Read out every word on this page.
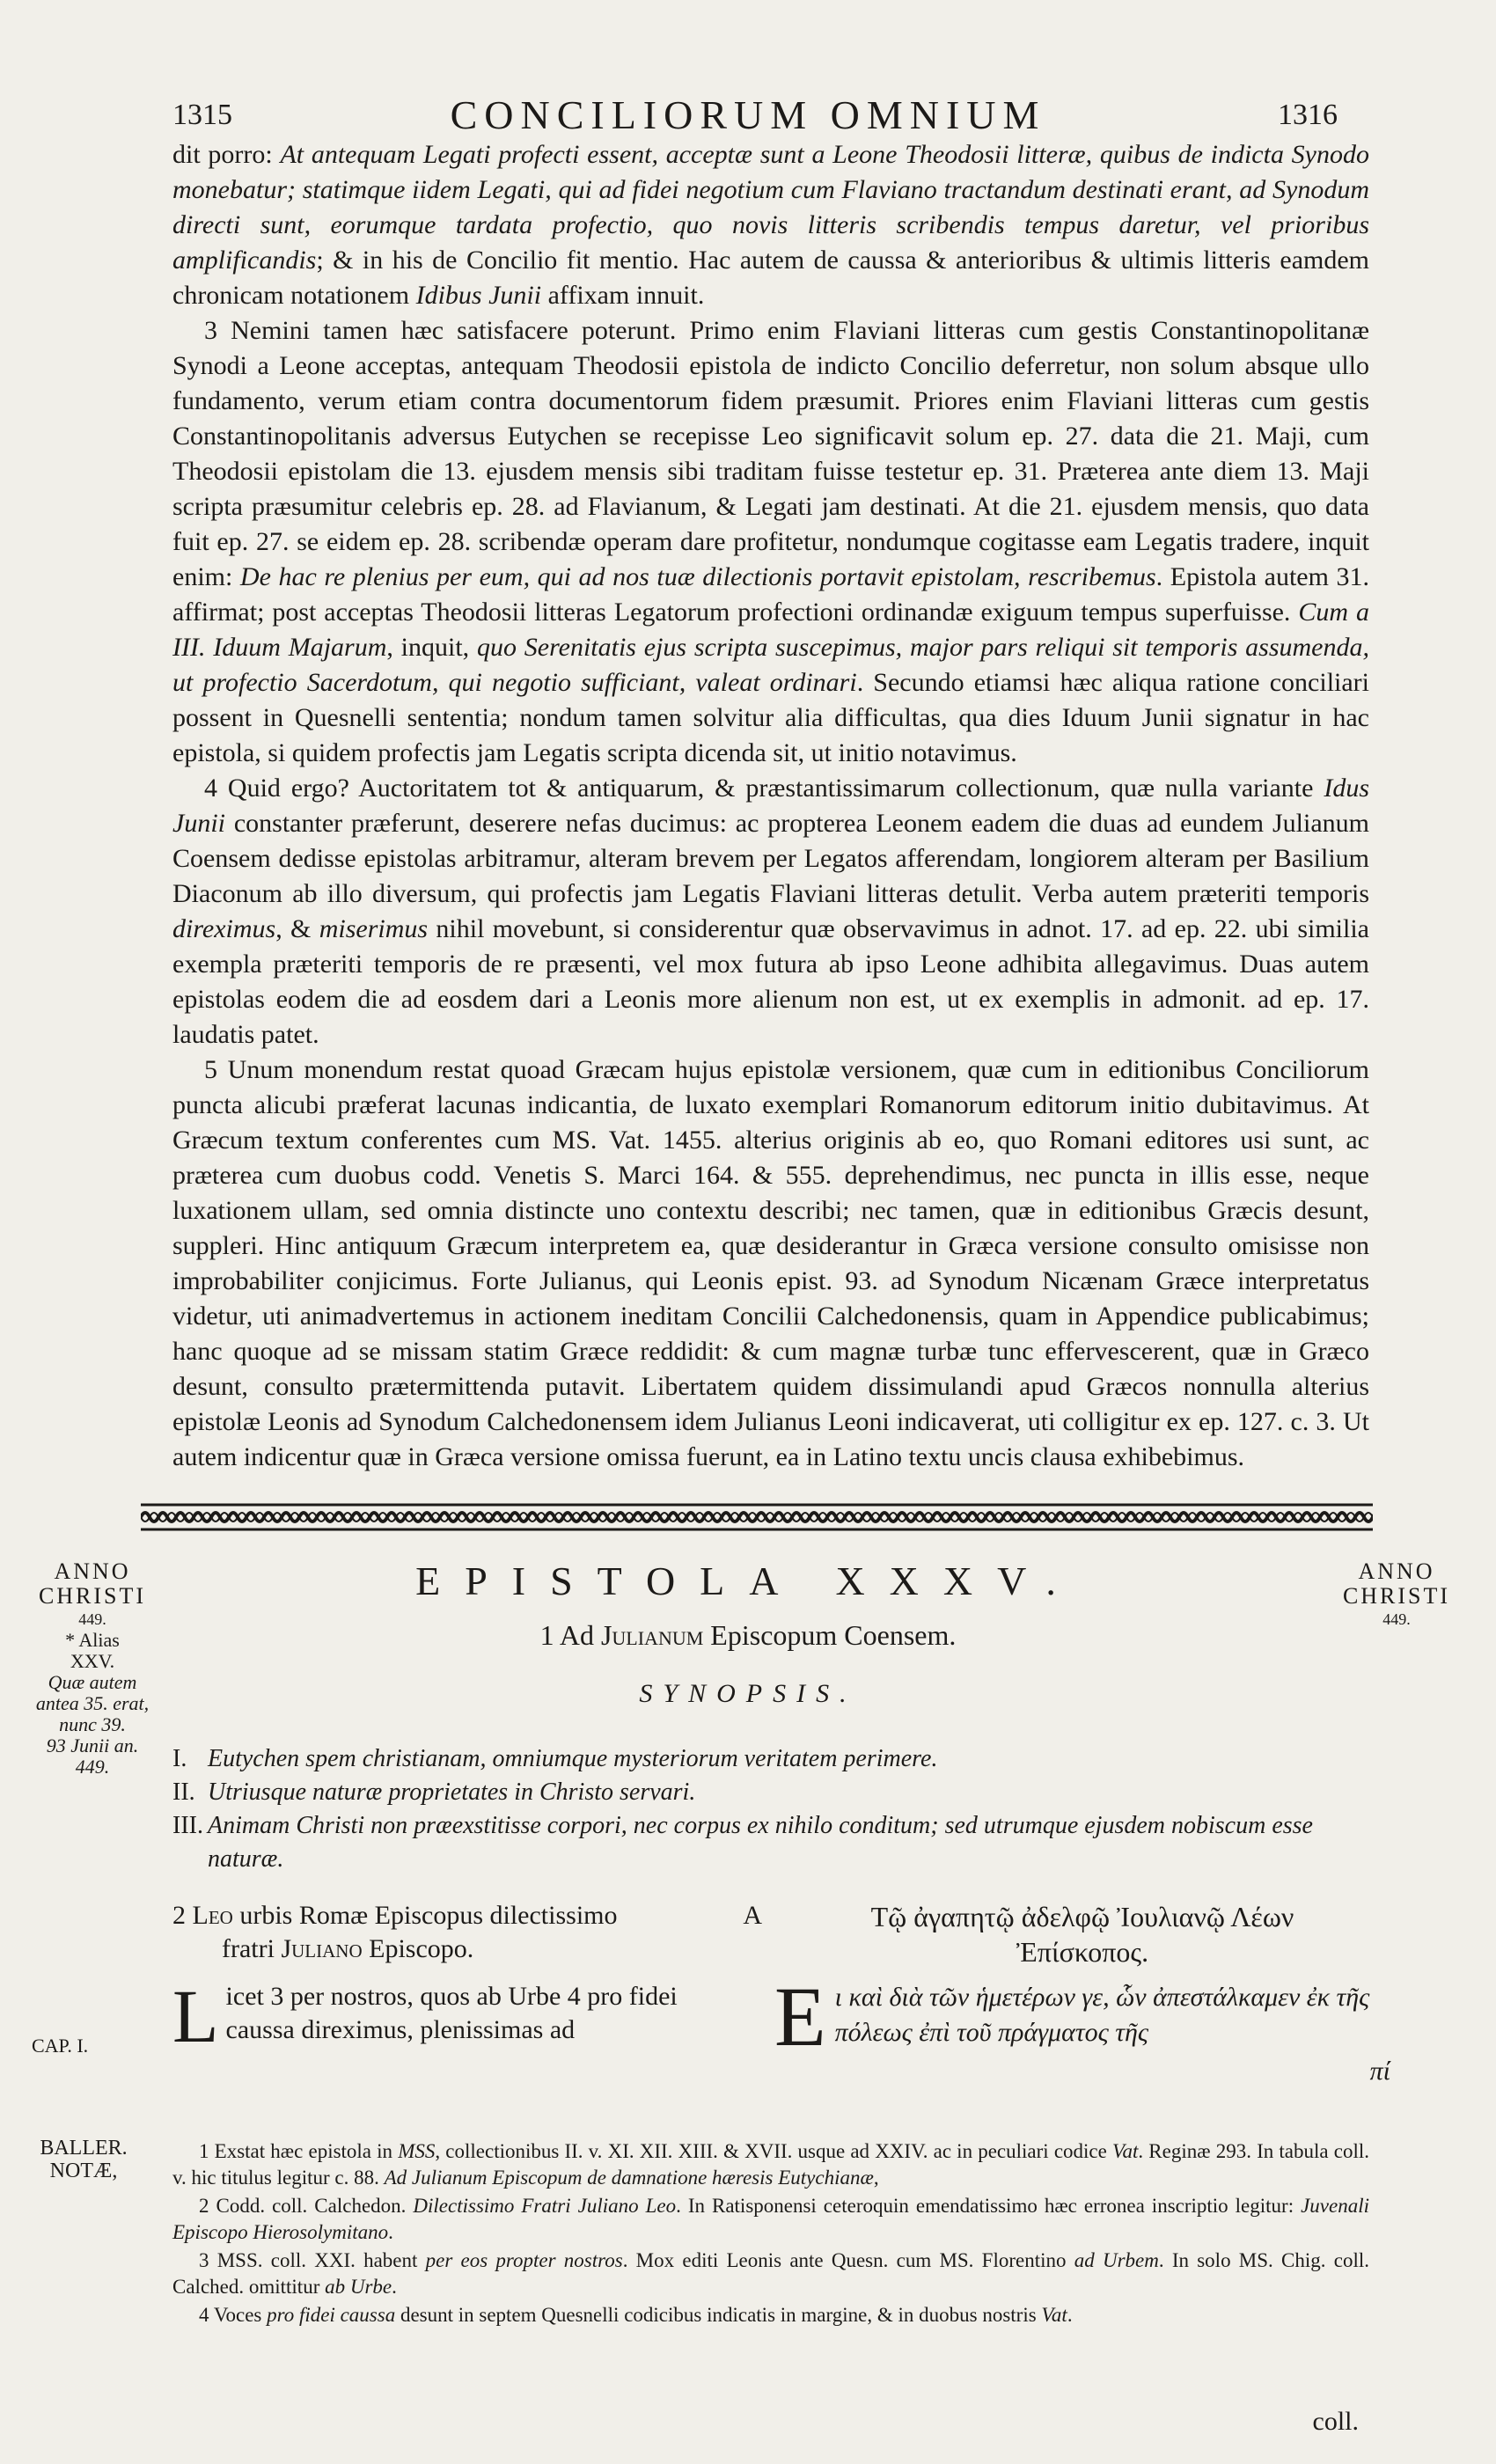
1315	CONCILIORUM OMNIUM	1316

dit porro: At antequam Legati profecti essent, acceptæ sunt a Leone Theodosii litteræ, quibus de indicta Synodo monebatur; statimque iidem Legati, qui ad fidei negotium cum Flaviano tractandum destinati erant, ad Synodum directi sunt, eorumque tardata profectio, quo novis litteris scribendis tempus daretur, vel prioribus amplificandis; & in his de Concilio fit mentio. Hac autem de caussa & anterioribus & ultimis litteris eamdem chronicam notationem Idibus Junii affixam innuit.

3 Nemini tamen hæc satisfacere poterunt. Primo enim Flaviani litteras cum gestis Constantinopolitanæ Synodi a Leone acceptas, antequam Theodosii epistola de indicto Concilio deferretur, non solum absque ullo fundamento, verum etiam contra documentorum fidem præsumit. Priores enim Flaviani litteras cum gestis Constantinopolitanis adversus Eutychen se recepisse Leo significavit solum ep. 27. data die 21. Maji, cum Theodosii epistolam die 13. ejusdem mensis sibi traditam fuisse testetur ep. 31. Præterea ante diem 13. Maji scripta præsumitur celebris ep. 28. ad Flavianum, & Legati jam destinati. At die 21. ejusdem mensis, quo data fuit ep. 27. se eidem ep. 28. scribendæ operam dare profitetur, nondumque cogitasse eam Legatis tradere, inquit enim: De hac re plenius per eum, qui ad nos tuæ dilectionis portavit epistolam, rescribemus. Epistola autem 31. affirmat; post acceptas Theodosii litteras Legatorum profectioni ordinandæ exiguum tempus superfuisse. Cum a III. Iduum Majarum, inquit, quo Serenitatis ejus scripta suscepimus, major pars reliqui sit temporis assumenda, ut profectio Sacerdotum, qui negotio sufficiant, valeat ordinari. Secundo etiamsi hæc aliqua ratione conciliari possent in Quesnelli sententia; nondum tamen solvitur alia difficultas, qua dies Iduum Junii signatur in hac epistola, si quidem profectis jam Legatis scripta dicenda sit, ut initio notavimus.

4 Quid ergo? Auctoritatem tot & antiquarum, & præstantissimarum collectionum, quæ nulla variante Idus Junii constanter præferunt, deserere nefas ducimus: ac propterea Leonem eadem die duas ad eundem Julianum Coensem dedisse epistolas arbitramur, alteram brevem per Legatos afferendam, longiorem alteram per Basilium Diaconum ab illo diversum, qui profectis jam Legatis Flaviani litteras detulit. Verba autem præteriti temporis direximus, & miserimus nihil movebunt, si considerentur quæ observavimus in adnot. 17. ad ep. 22. ubi similia exempla præteriti temporis de re præsenti, vel mox futura ab ipso Leone adhibita allegavimus. Duas autem epistolas eodem die ad eosdem dari a Leonis more alienum non est, ut ex exemplis in admonit. ad ep. 17. laudatis patet.

5 Unum monendum restat quoad Græcam hujus epistolæ versionem, quæ cum in editionibus Conciliorum puncta alicubi præferat lacunas indicantia, de luxato exemplari Romanorum editorum initio dubitavimus. At Græcum textum conferentes cum MS. Vat. 1455. alterius originis ab eo, quo Romani editores usi sunt, ac præterea cum duobus codd. Venetis S. Marci 164. & 555. deprehendimus, nec puncta in illis esse, neque luxationem ullam, sed omnia distincte uno contextu describi; nec tamen, quæ in editionibus Græcis desunt, suppleri. Hinc antiquum Græcum interpretem ea, quæ desiderantur in Græca versione consulto omisisse non improbabiliter conjicimus. Forte Julianus, qui Leonis epist. 93. ad Synodum Nicænam Græce interpretatus videtur, uti animadvertemus in actionem ineditam Concilii Calchedonensis, quam in Appendice publicabimus; hanc quoque ad se missam statim Græce reddidit: & cum magnæ turbæ tunc effervescerent, quæ in Græco desunt, consulto prætermittenda putavit. Libertatem quidem dissimulandi apud Græcos nonnulla alterius epistolæ Leonis ad Synodum Calchedonensem idem Julianus Leoni indicaverat, uti colligitur ex ep. 127. c. 3. Ut autem indicentur quæ in Græca versione omissa fuerunt, ea in Latino textu uncis clausa exhibebimus.

ANNO
CHRISTI
449.
* Alias
XXV.
Quæ autem
antea 35. erat,
nunc 39.
93 Junii an.
449.
ANNO
CHRISTI
449.
EPISTOLA XXXV.
1 Ad Julianum Episcopum Coensem.
SYNOPSIS.
I. Eutychen spem christianam, omniumque mysteriorum veritatem perimere.
II. Utriusque naturæ proprietates in Christo servari.
III. Animam Christi non præexstitisse corpori, nec corpus ex nihilo conditum; sed utrumque ejusdem nobiscum esse naturæ.
2 Leo urbis Romæ Episcopus dilectissimo	A
fratri Juliano Episcopo.
Τῷ ἀγαπητῷ ἀδελφῷ Ἰουλιανῷ Λέων
Ἐπίσκοπος.
CAP. I.	Licet 3 per nostros, quos ab Urbe 4 pro fidei caussa direximus, plenissimas ad	Eι καὶ διὰ τῶν ἡμετέρων γε, ὧν ἀπεστάλκαμεν ἐκ τῆς πόλεως ἐπὶ τοῦ πράγματος τῆς
πί
BALLER.
NOTÆ,

1 Exstat hæc epistola in MSS, collectionibus II. v. XI. XII. XIII. & XVII. usque ad XXIV. ac in peculiari codice Vat. Reginæ 293. In tabula coll. v. hic titulus legitur c. 88. Ad Julianum Episcopum de damnatione hæresis Eutychianæ,

2 Codd. coll. Calchedon. Dilectissimo Fratri Juliano Leo. In Ratisponensi ceteroquin emendatissimo hæc erronea inscriptio legitur: Juvenali Episcopo Hierosolymitano.

3 MSS. coll. XXI. habent per eos propter nostros. Mox editi Leonis ante Quesn. cum MS. Florentino ad Urbem. In solo MS. Chig. coll. Calched. omittitur ab Urbe.

4 Voces pro fidei caussa desunt in septem Quesnelli codicibus indicatis in margine, & in duobus nostris Vat.

coll.
